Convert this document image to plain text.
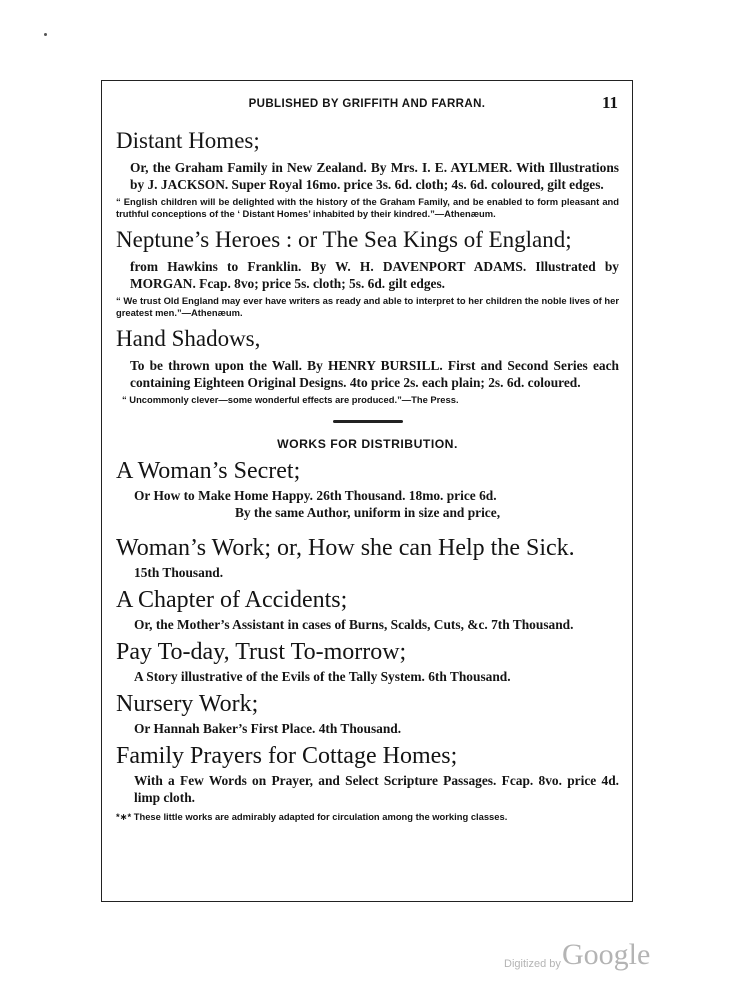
PUBLISHED BY GRIFFITH AND FARRAN.	11

Distant Homes;

Or, the Graham Family in New Zealand. By Mrs. I. E. AYLMER. With Illustrations by J. JACKSON. Super Royal 16mo. price 3s. 6d. cloth; 4s. 6d. coloured, gilt edges.

“ English children will be delighted with the history of the Graham Family, and be enabled to form pleasant and truthful conceptions of the ‘ Distant Homes’ inhabited by their kindred.”—Athenæum.

Neptune’s Heroes : or The Sea Kings of England;

from Hawkins to Franklin. By W. H. DAVENPORT ADAMS. Illustrated by MORGAN. Fcap. 8vo; price 5s. cloth; 5s. 6d. gilt edges.

“ We trust Old England may ever have writers as ready and able to interpret to her children the noble lives of her greatest men.”—Athenæum.

Hand Shadows,

To be thrown upon the Wall. By HENRY BURSILL. First and Second Series each containing Eighteen Original Designs. 4to price 2s. each plain; 2s. 6d. coloured.

“ Uncommonly clever—some wonderful effects are produced.”—The Press.

WORKS FOR DISTRIBUTION.

A Woman’s Secret;

Or How to Make Home Happy. 26th Thousand. 18mo. price 6d.

By the same Author, uniform in size and price,

Woman’s Work; or, How she can Help the Sick.

15th Thousand.

A Chapter of Accidents;

Or, the Mother’s Assistant in cases of Burns, Scalds, Cuts, &c. 7th Thousand.

Pay To-day, Trust To-morrow;

A Story illustrative of the Evils of the Tally System. 6th Thousand.

Nursery Work;

Or Hannah Baker’s First Place. 4th Thousand.

Family Prayers for Cottage Homes;

With a Few Words on Prayer, and Select Scripture Passages. Fcap. 8vo. price 4d. limp cloth.

*∗* These little works are admirably adapted for circulation among the working classes.
Digitized by Google
